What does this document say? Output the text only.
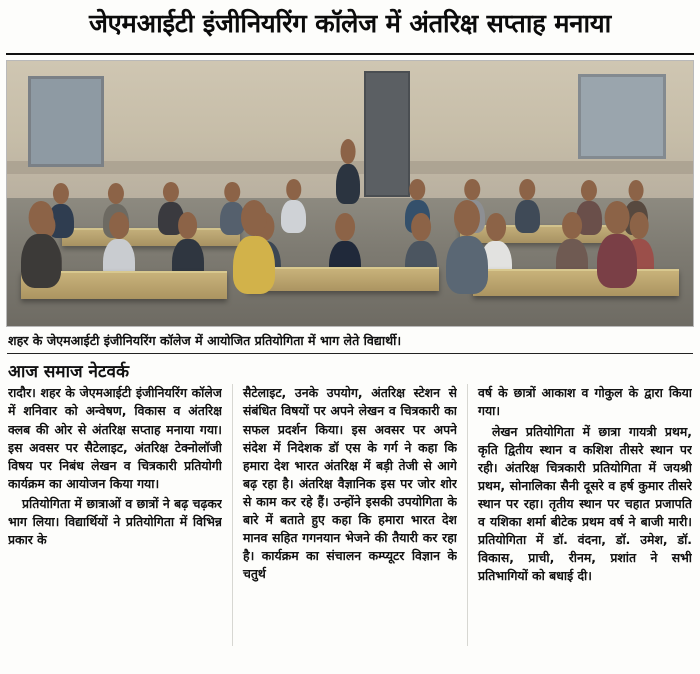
जेएमआईटी इंजीनियरिंग कॉलेज में अंतरिक्ष सप्ताह मनाया
शहर के जेएमआईटी इंजीनियरिंग कॉलेज में आयोजित प्रतियोगिता में भाग लेते विद्यार्थी।
आज समाज नेटवर्क

रादौर। शहर के जेएमआईटी इंजीनियरिंग कॉलेज में शनिवार को अन्वेषण, विकास व अंतरिक्ष क्लब की ओर से अंतरिक्ष सप्ताह मनाया गया। इस अवसर पर सैटेलाइट, अंतरिक्ष टेक्नोलॉजी विषय पर निबंध लेखन व चित्रकारी प्रतियोगी कार्यक्रम का आयोजन किया गया।

प्रतियोगिता में छात्राओं व छात्रों ने बढ़ चढ़कर भाग लिया। विद्यार्थियों ने प्रतियोगिता में विभिन्न प्रकार के

सैटेलाइट, उनके उपयोग, अंतरिक्ष स्टेशन से संबंधित विषयों पर अपने लेखन व चित्रकारी का सफल प्रदर्शन किया। इस अवसर पर अपने संदेश में निदेशक डॉ एस के गर्ग ने कहा कि हमारा देश भारत अंतरिक्ष में बड़ी तेजी से आगे बढ़ रहा है। अंतरिक्ष वैज्ञानिक इस पर जोर शोर से काम कर रहे हैं। उन्होंने इसकी उपयोगिता के बारे में बताते हुए कहा कि हमारा भारत देश मानव सहित गगनयान भेजने की तैयारी कर रहा है। कार्यक्रम का संचालन कम्प्यूटर विज्ञान के चतुर्थ

वर्ष के छात्रों आकाश व गोकुल के द्वारा किया गया।

लेखन प्रतियोगिता में छात्रा गायत्री प्रथम, कृति द्वितीय स्थान व कशिश तीसरे स्थान पर रही। अंतरिक्ष चित्रकारी प्रतियोगिता में जयश्री प्रथम, सोनालिका सैनी दूसरे व हर्ष कुमार तीसरे स्थान पर रहा। तृतीय स्थान पर चहात प्रजापति व यशिका शर्मा बीटेक प्रथम वर्ष ने बाजी मारी। प्रतियोगिता में डॉ. वंदना, डॉ. उमेश, डॉ. विकास, प्राची, रीनम, प्रशांत ने सभी प्रतिभागियों को बधाई दी।
